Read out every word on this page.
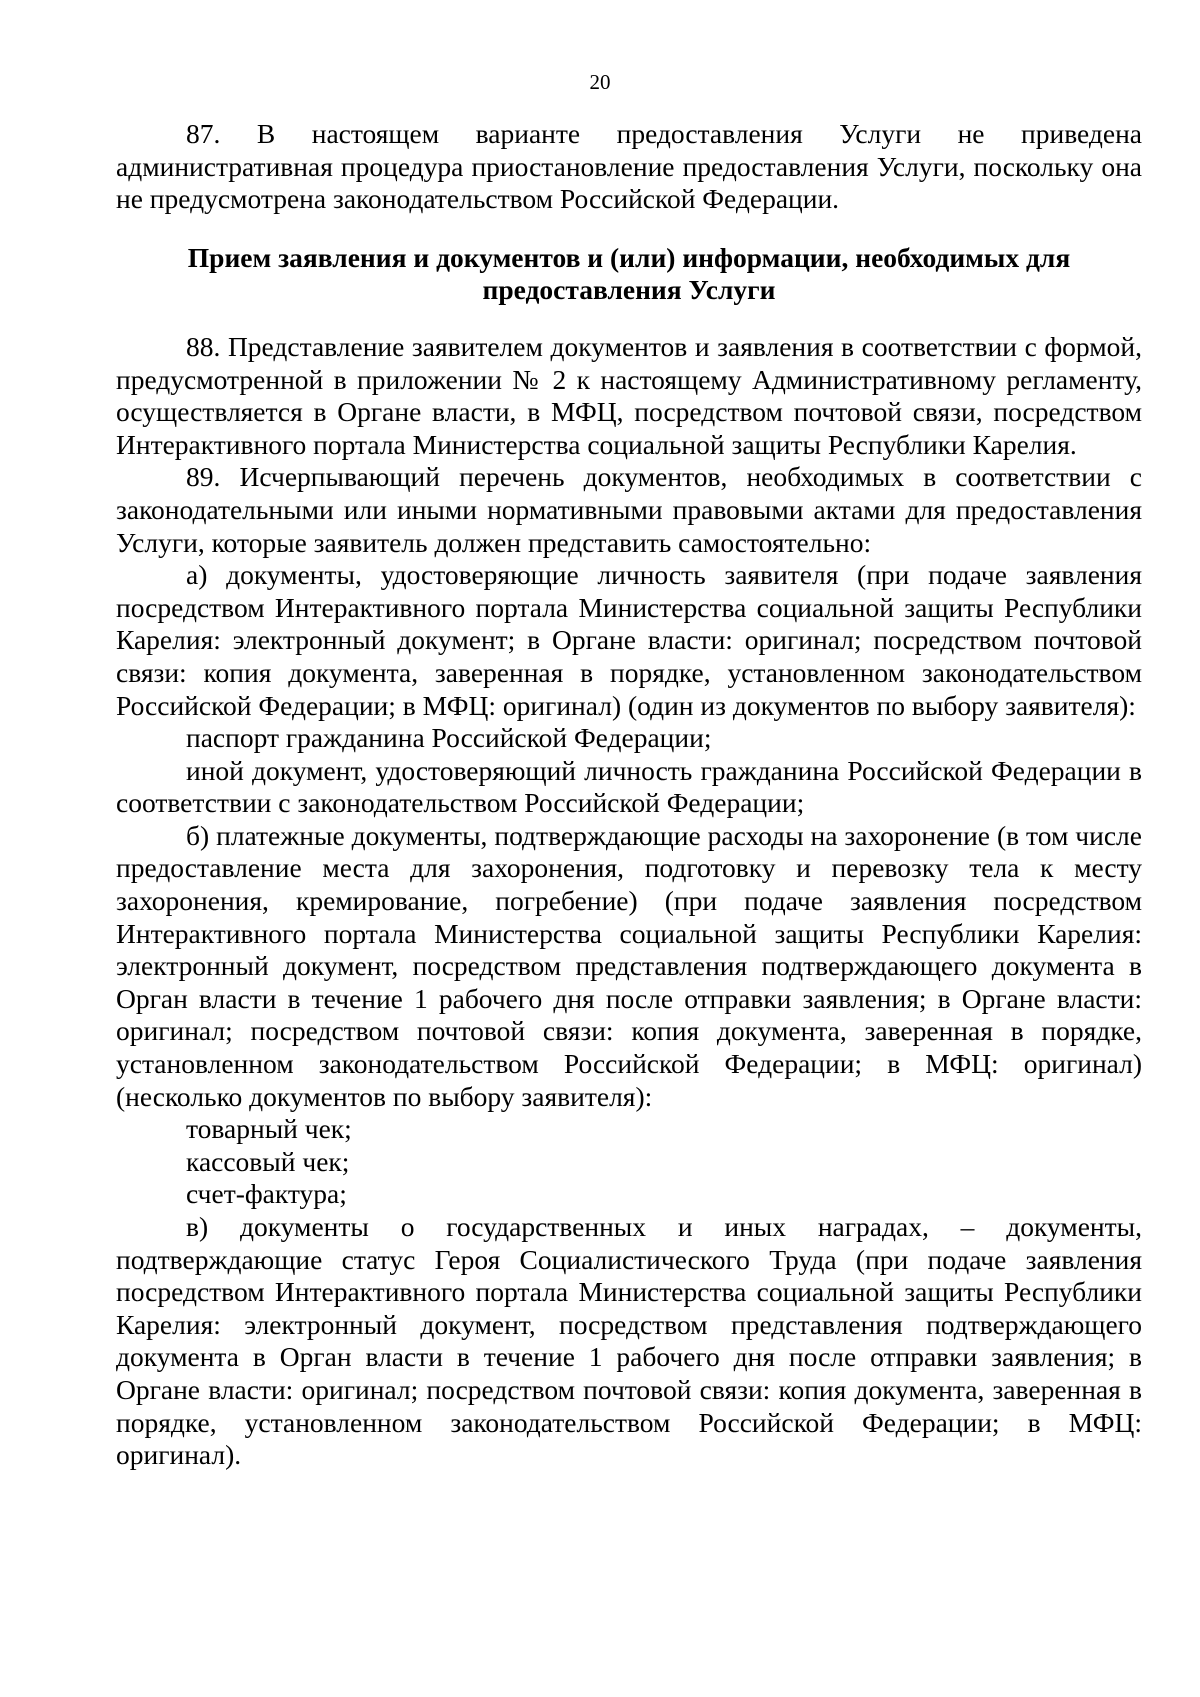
20

87. В настоящем варианте предоставления Услуги не приведена административная процедура приостановление предоставления Услуги, поскольку она не предусмотрена законодательством Российской Федерации.

Прием заявления и документов и (или) информации, необходимых для предоставления Услуги

88. Представление заявителем документов и заявления в соответствии с формой, предусмотренной в приложении № 2 к настоящему Административному регламенту, осуществляется в Органе власти, в МФЦ, посредством почтовой связи, посредством Интерактивного портала Министерства социальной защиты Республики Карелия.

89. Исчерпывающий перечень документов, необходимых в соответствии с законодательными или иными нормативными правовыми актами для предоставления Услуги, которые заявитель должен представить самостоятельно:

а) документы, удостоверяющие личность заявителя (при подаче заявления посредством Интерактивного портала Министерства социальной защиты Республики Карелия: электронный документ; в Органе власти: оригинал; посредством почтовой связи: копия документа, заверенная в порядке, установленном законодательством Российской Федерации; в МФЦ: оригинал) (один из документов по выбору заявителя):

паспорт гражданина Российской Федерации;

иной документ, удостоверяющий личность гражданина Российской Федерации в соответствии с законодательством Российской Федерации;

б) платежные документы, подтверждающие расходы на захоронение (в том числе предоставление места для захоронения, подготовку и перевозку тела к месту захоронения, кремирование, погребение) (при подаче заявления посредством Интерактивного портала Министерства социальной защиты Республики Карелия: электронный документ, посредством представления подтверждающего документа в Орган власти в течение 1 рабочего дня после отправки заявления; в Органе власти: оригинал; посредством почтовой связи: копия документа, заверенная в порядке, установленном законодательством Российской Федерации; в МФЦ: оригинал) (несколько документов по выбору заявителя):

товарный чек;

кассовый чек;

счет-фактура;

в) документы о государственных и иных наградах, – документы, подтверждающие статус Героя Социалистического Труда (при подаче заявления посредством Интерактивного портала Министерства социальной защиты Республики Карелия: электронный документ, посредством представления подтверждающего документа в Орган власти в течение 1 рабочего дня после отправки заявления; в Органе власти: оригинал; посредством почтовой связи: копия документа, заверенная в порядке, установленном законодательством Российской Федерации; в МФЦ: оригинал).
